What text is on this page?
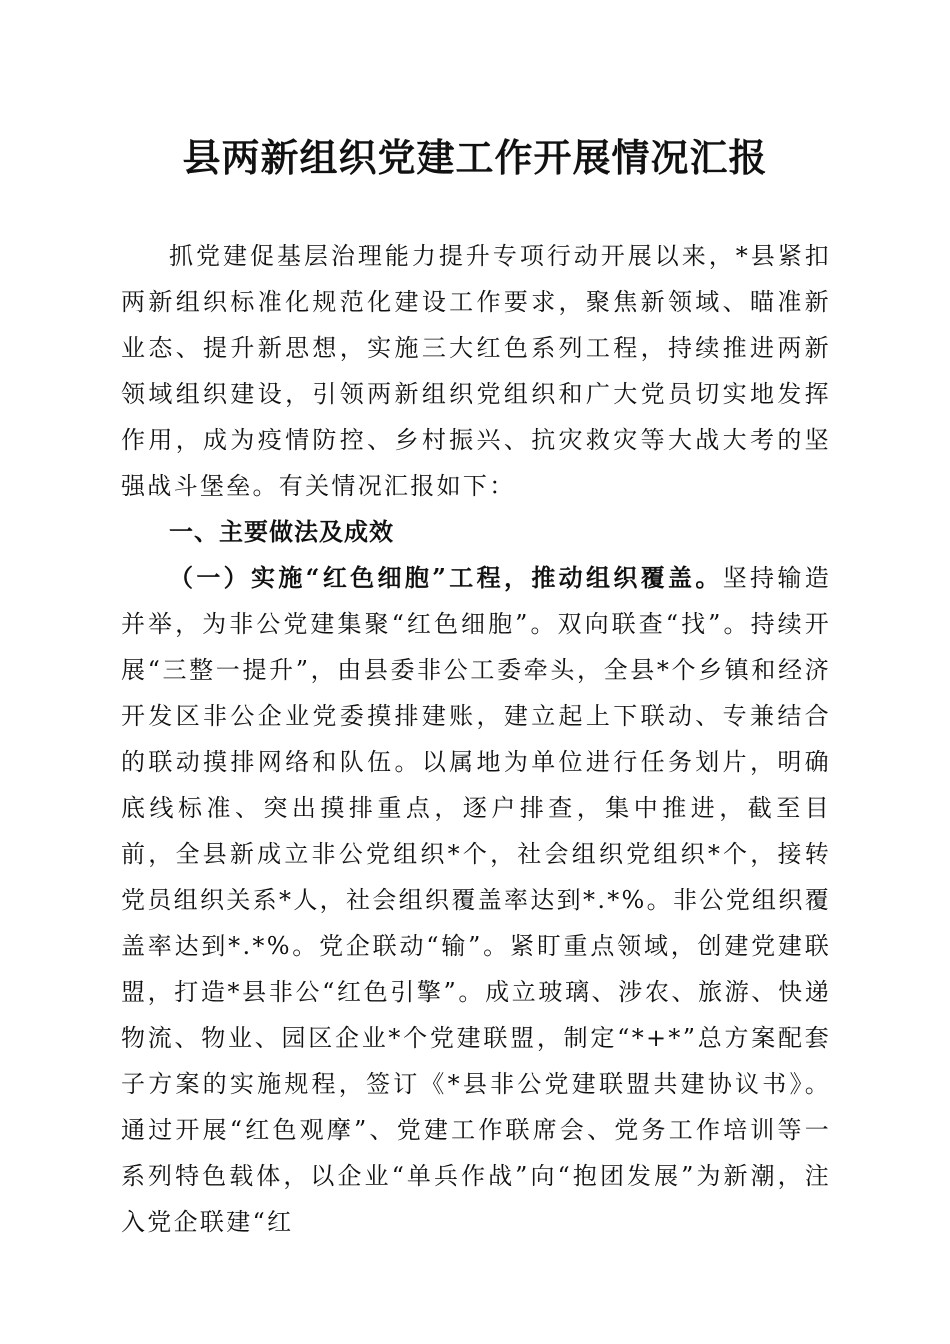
县两新组织党建工作开展情况汇报

抓党建促基层治理能力提升专项行动开展以来，*县紧扣两新组织标准化规范化建设工作要求，聚焦新领域、瞄准新业态、提升新思想，实施三大红色系列工程，持续推进两新领域组织建设，引领两新组织党组织和广大党员切实地发挥作用，成为疫情防控、乡村振兴、抗灾救灾等大战大考的坚强战斗堡垒。有关情况汇报如下：

一、主要做法及成效

（一）实施“红色细胞”工程，推动组织覆盖。坚持输造并举，为非公党建集聚“红色细胞”。双向联查“找”。持续开展“三整一提升”，由县委非公工委牵头，全县*个乡镇和经济开发区非公企业党委摸排建账，建立起上下联动、专兼结合的联动摸排网络和队伍。以属地为单位进行任务划片，明确底线标准、突出摸排重点，逐户排查，集中推进，截至目前，全县新成立非公党组织*个，社会组织党组织*个，接转党员组织关系*人，社会组织覆盖率达到*.*%。非公党组织覆盖率达到*.*%。党企联动“输”。紧盯重点领域，创建党建联盟，打造*县非公“红色引擎”。成立玻璃、涉农、旅游、快递物流、物业、园区企业*个党建联盟，制定“*+*”总方案配套子方案的实施规程，签订《*县非公党建联盟共建协议书》。通过开展“红色观摩”、党建工作联席会、党务工作培训等一系列特色载体，以企业“单兵作战”向“抱团发展”为新潮，注入党企联建“红
